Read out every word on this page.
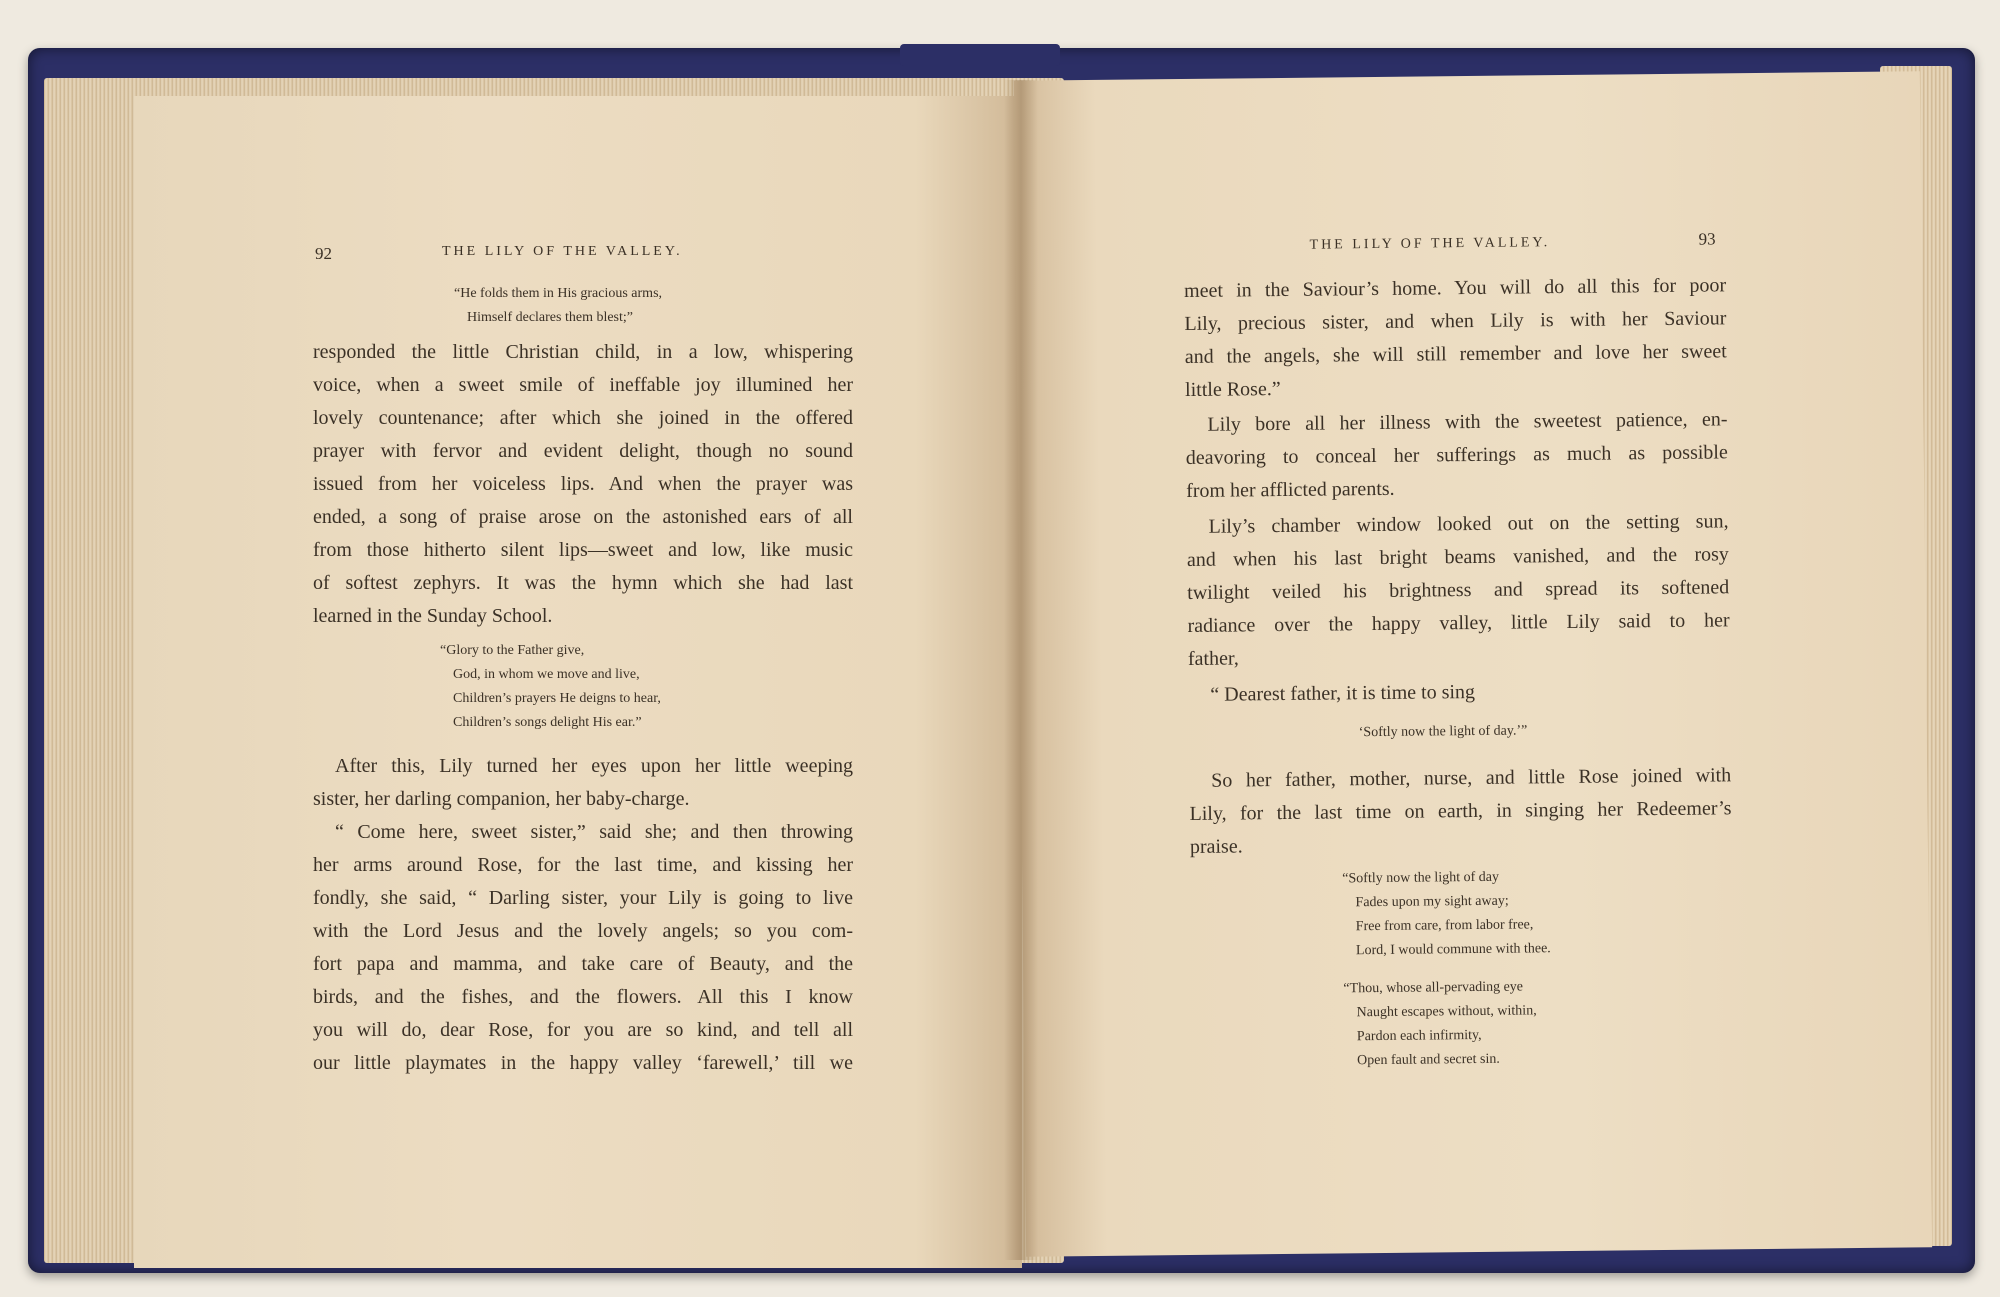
92	THE LILY OF THE VALLEY.
“He folds them in His gracious arms,
Himself declares them blest;”
responded the little Christian child, in a low, whispering
voice, when a sweet smile of ineffable joy illumined her
lovely countenance; after which she joined in the offered
prayer with fervor and evident delight, though no sound
issued from her voiceless lips. And when the prayer was
ended, a song of praise arose on the astonished ears of all
from those hitherto silent lips—sweet and low, like music
of softest zephyrs. It was the hymn which she had last
learned in the Sunday School.
“Glory to the Father give,
God, in whom we move and live,
Children’s prayers He deigns to hear,
Children’s songs delight His ear.”
After this, Lily turned her eyes upon her little weeping
sister, her darling companion, her baby-charge.
“ Come here, sweet sister,” said she; and then throwing
her arms around Rose, for the last time, and kissing her
fondly, she said, “ Darling sister, your Lily is going to live
with the Lord Jesus and the lovely angels; so you com-
fort papa and mamma, and take care of Beauty, and the
birds, and the fishes, and the flowers. All this I know
you will do, dear Rose, for you are so kind, and tell all
our little playmates in the happy valley ‘farewell,’ till we
THE LILY OF THE VALLEY.	93
meet in the Saviour’s home. You will do all this for poor
Lily, precious sister, and when Lily is with her Saviour
and the angels, she will still remember and love her sweet
little Rose.”
Lily bore all her illness with the sweetest patience, en-
deavoring to conceal her sufferings as much as possible
from her afflicted parents.
Lily’s chamber window looked out on the setting sun,
and when his last bright beams vanished, and the rosy
twilight veiled his brightness and spread its softened
radiance over the happy valley, little Lily said to her
father,
“ Dearest father, it is time to sing
‘Softly now the light of day.’”
So her father, mother, nurse, and little Rose joined with
Lily, for the last time on earth, in singing her Redeemer’s
praise.
“Softly now the light of day
Fades upon my sight away;
Free from care, from labor free,
Lord, I would commune with thee.
“Thou, whose all-pervading eye
Naught escapes without, within,
Pardon each infirmity,
Open fault and secret sin.
